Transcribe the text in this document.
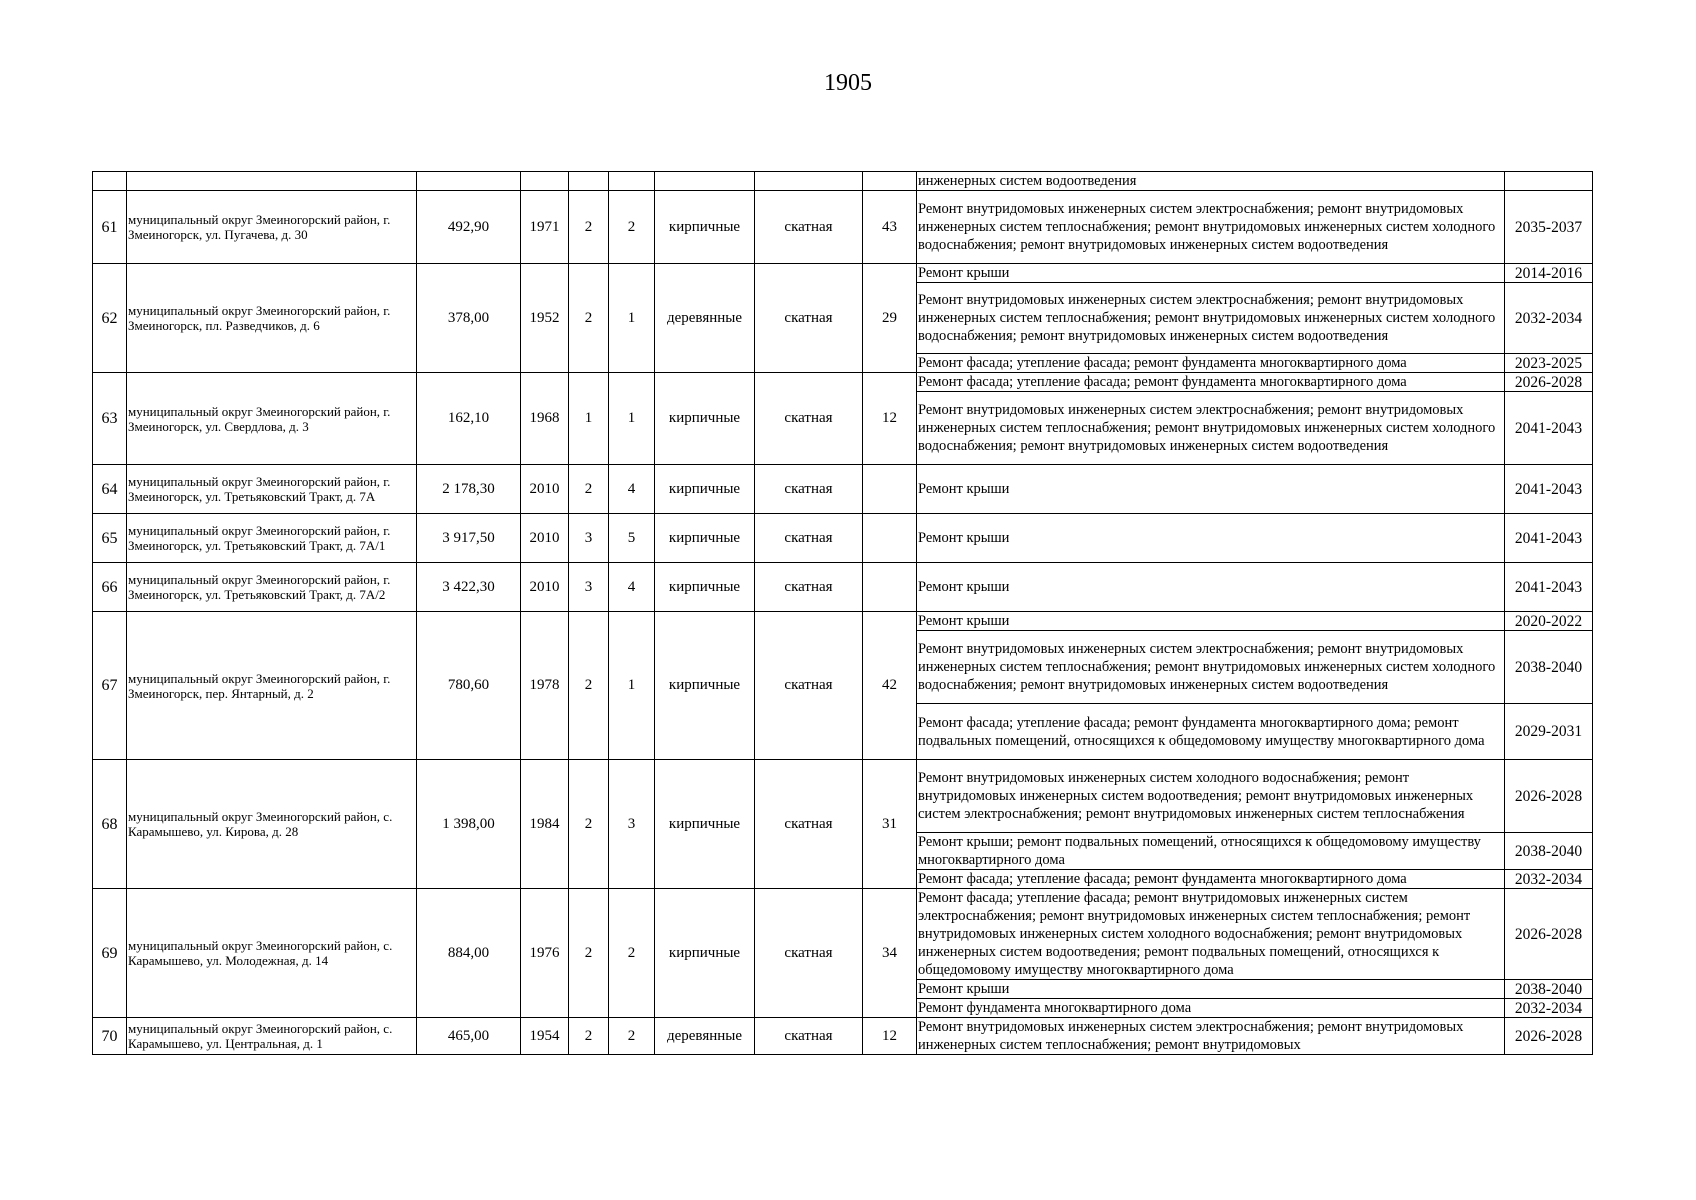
1905
									инженерных систем водоотведения	
61	муниципальный округ Змеиногорский район, г. Змеиногорск, ул. Пугачева, д. 30	492,90	1971	2	2	кирпичные	скатная	43	Ремонт внутридомовых инженерных систем электроснабжения; ремонт внутридомовых инженерных систем теплоснабжения; ремонт внутридомовых инженерных систем холодного водоснабжения; ремонт внутридомовых инженерных систем водоотведения	2035-2037
62	муниципальный округ Змеиногорский район, г. Змеиногорск, пл. Разведчиков, д. 6	378,00	1952	2	1	деревянные	скатная	29	Ремонт крыши	2014-2016
									Ремонт внутридомовых инженерных систем электроснабжения; ремонт внутридомовых инженерных систем теплоснабжения; ремонт внутридомовых инженерных систем холодного водоснабжения; ремонт внутридомовых инженерных систем водоотведения	2032-2034
									Ремонт фасада; утепление фасада; ремонт фундамента многоквартирного дома	2023-2025
63	муниципальный округ Змеиногорский район, г. Змеиногорск, ул. Свердлова, д. 3	162,10	1968	1	1	кирпичные	скатная	12	Ремонт фасада; утепление фасада; ремонт фундамента многоквартирного дома	2026-2028
									Ремонт внутридомовых инженерных систем электроснабжения; ремонт внутридомовых инженерных систем теплоснабжения; ремонт внутридомовых инженерных систем холодного водоснабжения; ремонт внутридомовых инженерных систем водоотведения	2041-2043
64	муниципальный округ Змеиногорский район, г. Змеиногорск, ул. Третьяковский Тракт, д. 7А	2 178,30	2010	2	4	кирпичные	скатная		Ремонт крыши	2041-2043
65	муниципальный округ Змеиногорский район, г. Змеиногорск, ул. Третьяковский Тракт, д. 7А/1	3 917,50	2010	3	5	кирпичные	скатная		Ремонт крыши	2041-2043
66	муниципальный округ Змеиногорский район, г. Змеиногорск, ул. Третьяковский Тракт, д. 7А/2	3 422,30	2010	3	4	кирпичные	скатная		Ремонт крыши	2041-2043
67	муниципальный округ Змеиногорский район, г. Змеиногорск, пер. Янтарный, д. 2	780,60	1978	2	1	кирпичные	скатная	42	Ремонт крыши	2020-2022
									Ремонт внутридомовых инженерных систем электроснабжения; ремонт внутридомовых инженерных систем теплоснабжения; ремонт внутридомовых инженерных систем холодного водоснабжения; ремонт внутридомовых инженерных систем водоотведения	2038-2040
									Ремонт фасада; утепление фасада; ремонт фундамента многоквартирного дома; ремонт подвальных помещений, относящихся к общедомовому имуществу многоквартирного дома	2029-2031
68	муниципальный округ Змеиногорский район, с. Карамышево, ул. Кирова, д. 28	1 398,00	1984	2	3	кирпичные	скатная	31	Ремонт внутридомовых инженерных систем холодного водоснабжения; ремонт внутридомовых инженерных систем водоотведения; ремонт внутридомовых инженерных систем электроснабжения; ремонт внутридомовых инженерных систем теплоснабжения	2026-2028
									Ремонт крыши; ремонт подвальных помещений, относящихся к общедомовому имуществу многоквартирного дома	2038-2040
									Ремонт фасада; утепление фасада; ремонт фундамента многоквартирного дома	2032-2034
69	муниципальный округ Змеиногорский район, с. Карамышево, ул. Молодежная, д. 14	884,00	1976	2	2	кирпичные	скатная	34	Ремонт фасада; утепление фасада; ремонт внутридомовых инженерных систем электроснабжения; ремонт внутридомовых инженерных систем теплоснабжения; ремонт внутридомовых инженерных систем холодного водоснабжения; ремонт внутридомовых инженерных систем водоотведения; ремонт подвальных помещений, относящихся к общедомовому имуществу многоквартирного дома	2026-2028
									Ремонт крыши	2038-2040
									Ремонт фундамента многоквартирного дома	2032-2034
70	муниципальный округ Змеиногорский район, с. Карамышево, ул. Центральная, д. 1	465,00	1954	2	2	деревянные	скатная	12	Ремонт внутридомовых инженерных систем электроснабжения; ремонт внутридомовых инженерных систем теплоснабжения; ремонт внутридомовых	2026-2028
